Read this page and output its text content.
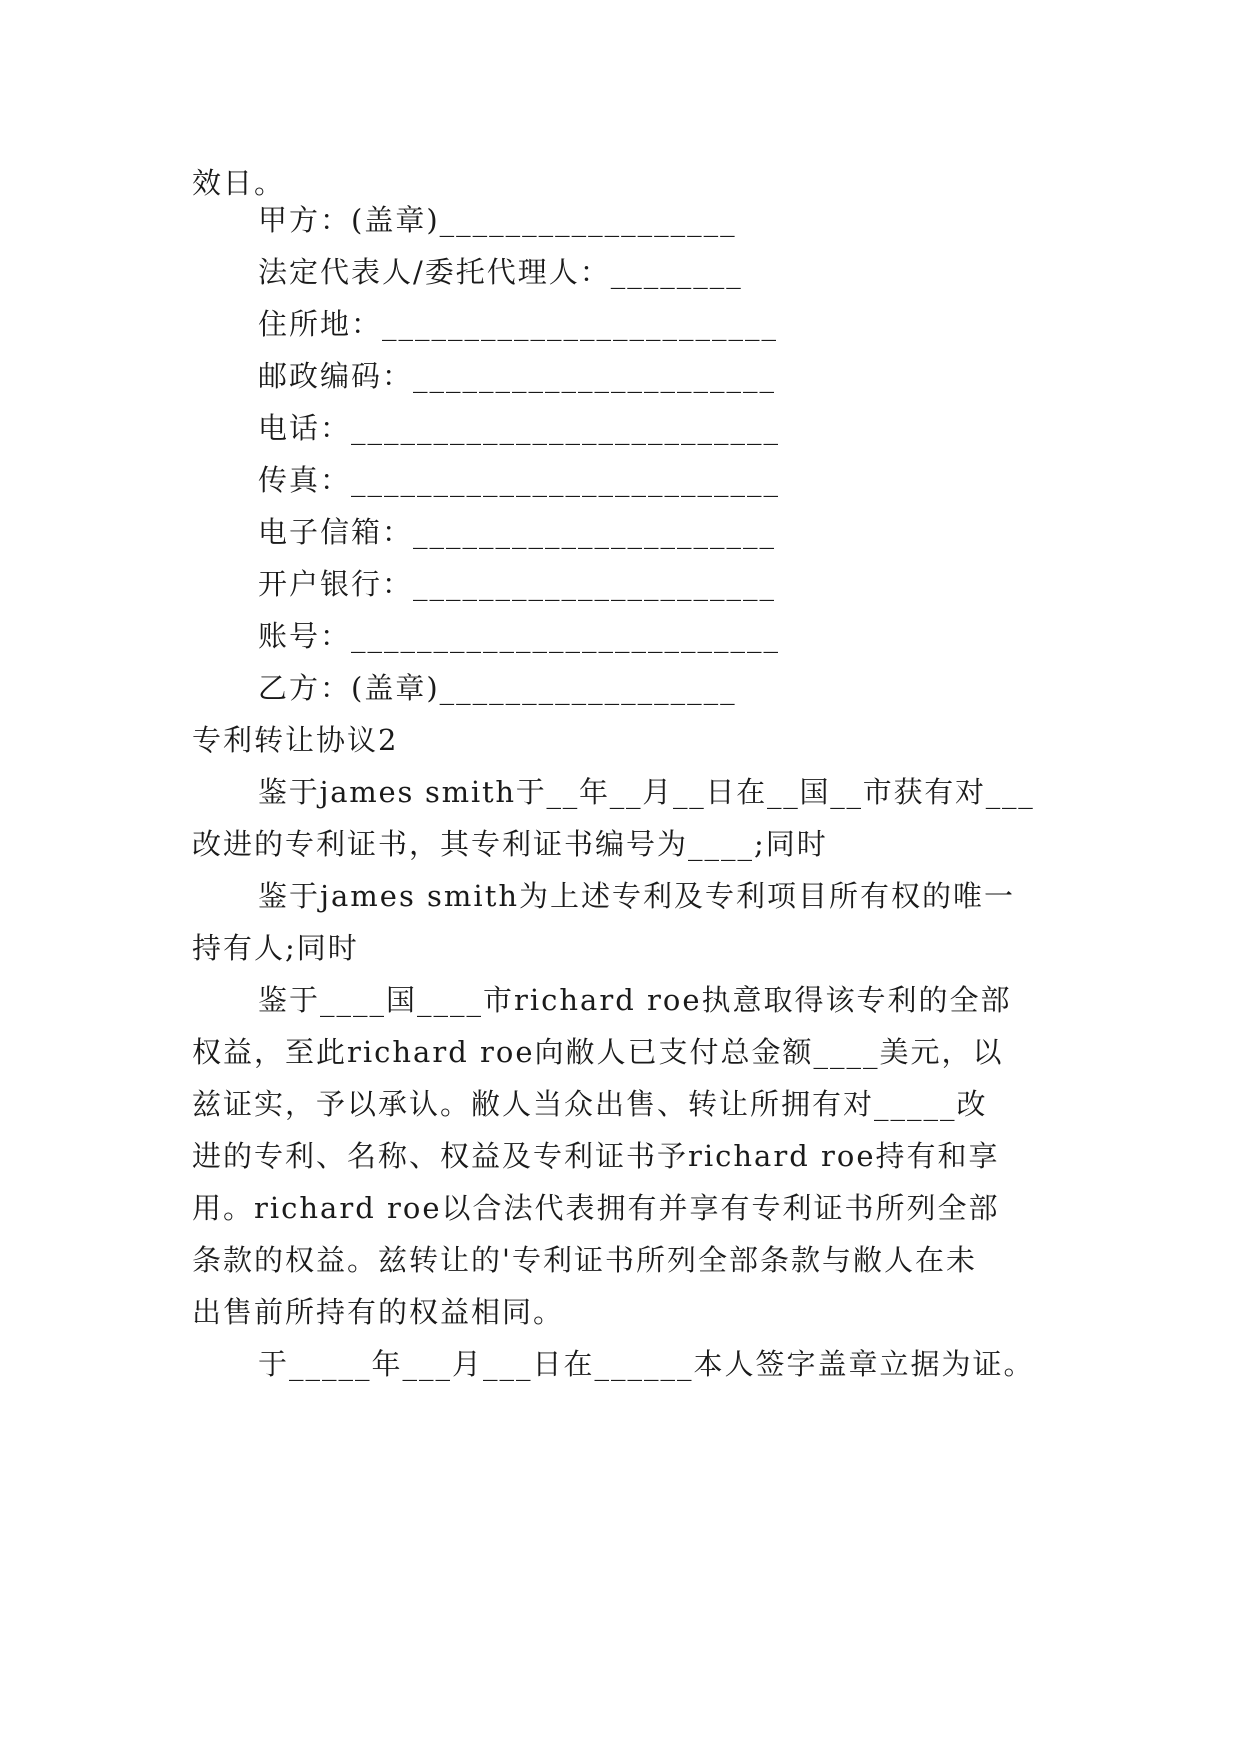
效日。
甲方：(盖章)__________________
法定代表人/委托代理人：________
住所地：________________________
邮政编码：______________________
电话：__________________________
传真：__________________________
电子信箱：______________________
开户银行：______________________
账号：__________________________
乙方：(盖章)__________________
专利转让协议2
鉴于james smith于__年__月__日在__国__市获有对___
改进的专利证书，其专利证书编号为____;同时
鉴于james smith为上述专利及专利项目所有权的唯一
持有人;同时
鉴于____国____市richard roe执意取得该专利的全部
权益，至此richard roe向敝人已支付总金额____美元，以
兹证实，予以承认。敝人当众出售、转让所拥有对_____改
进的专利、名称、权益及专利证书予richard roe持有和享
用。richard roe以合法代表拥有并享有专利证书所列全部
条款的权益。兹转让的'专利证书所列全部条款与敝人在未
出售前所持有的权益相同。
于_____年___月___日在______本人签字盖章立据为证。
